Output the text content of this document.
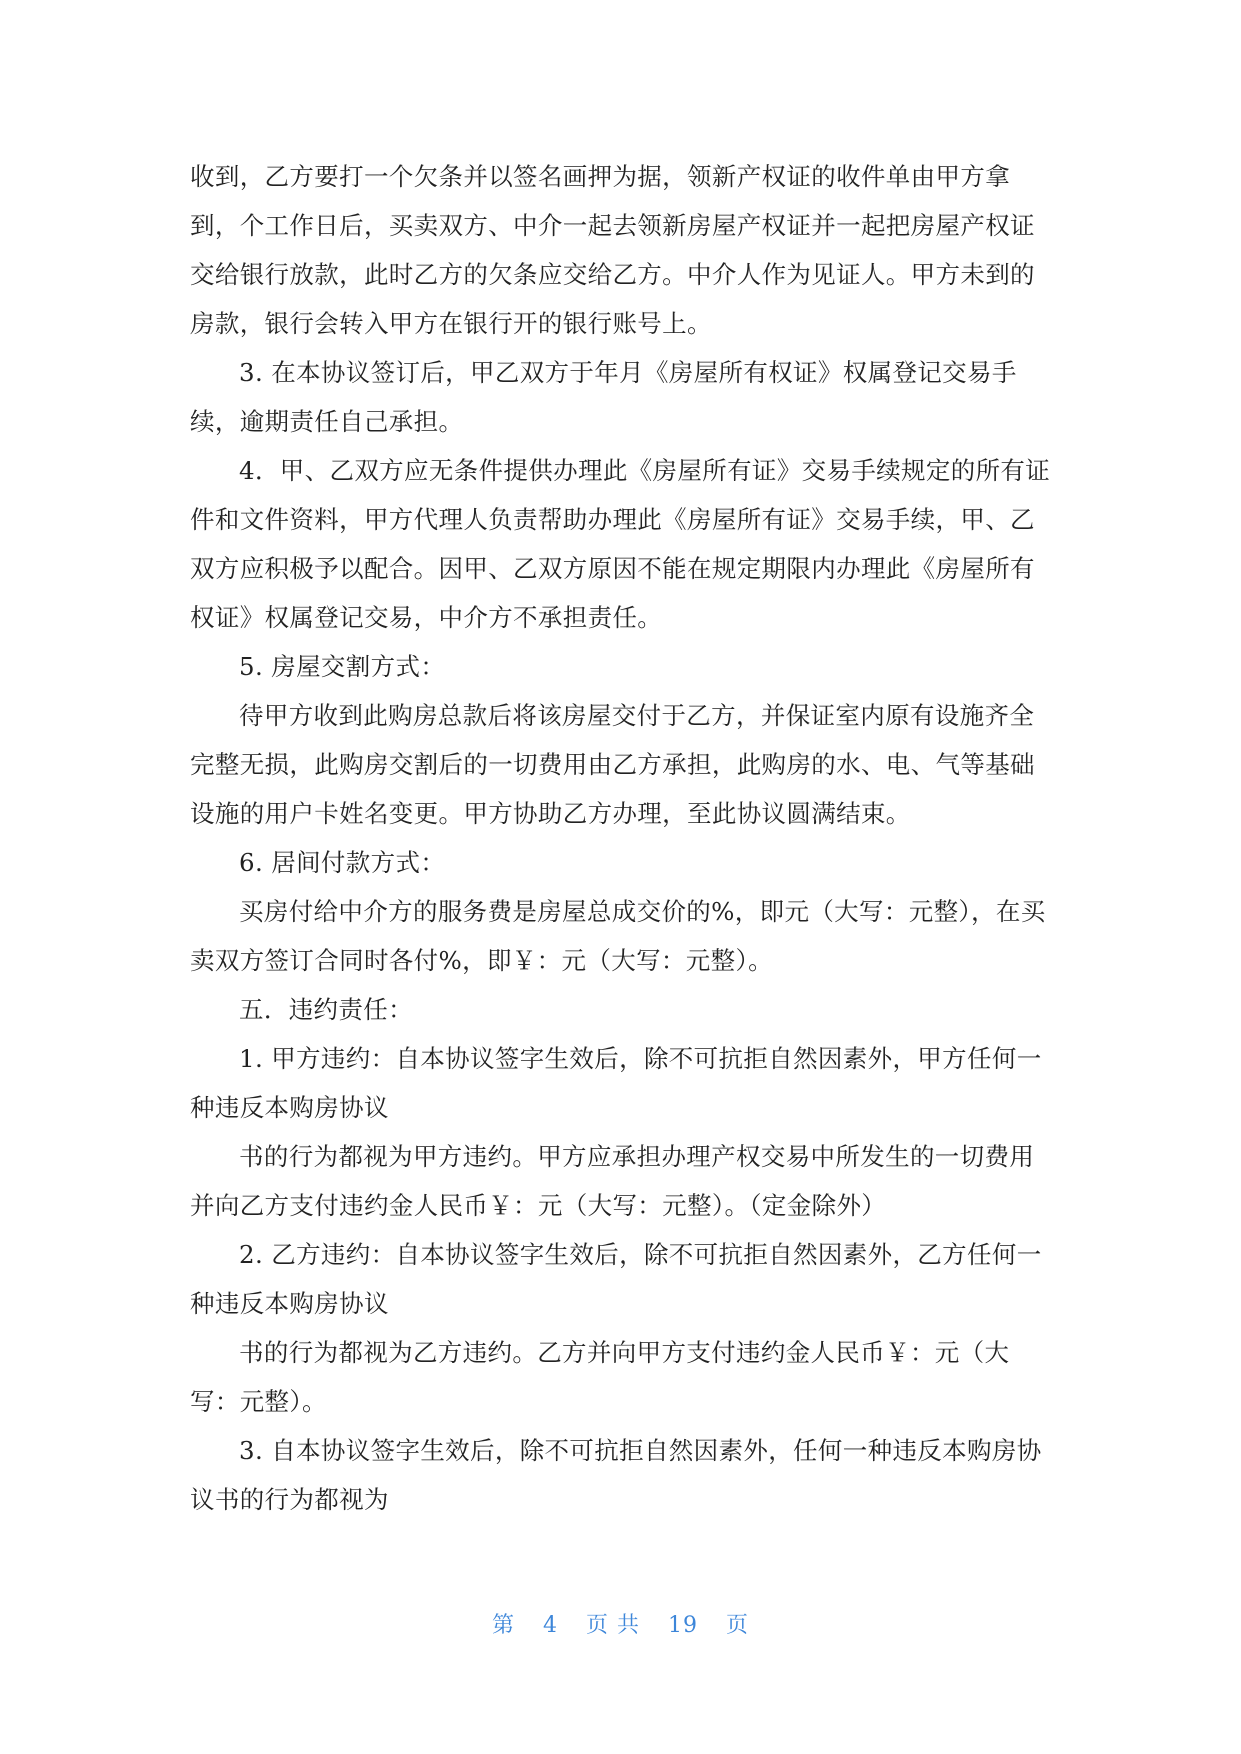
收到，乙方要打一个欠条并以签名画押为据，领新产权证的收件单由甲方拿
到，个工作日后，买卖双方、中介一起去领新房屋产权证并一起把房屋产权证
交给银行放款，此时乙方的欠条应交给乙方。中介人作为见证人。甲方未到的
房款，银行会转入甲方在银行开的银行账号上。
3. 在本协议签订后，甲乙双方于年月《房屋所有权证》权属登记交易手
续，逾期责任自己承担。
4．甲、乙双方应无条件提供办理此《房屋所有证》交易手续规定的所有证
件和文件资料，甲方代理人负责帮助办理此《房屋所有证》交易手续，甲、乙
双方应积极予以配合。因甲、乙双方原因不能在规定期限内办理此《房屋所有
权证》权属登记交易，中介方不承担责任。
5. 房屋交割方式：
待甲方收到此购房总款后将该房屋交付于乙方，并保证室内原有设施齐全
完整无损，此购房交割后的一切费用由乙方承担，此购房的水、电、气等基础
设施的用户卡姓名变更。甲方协助乙方办理，至此协议圆满结束。
6. 居间付款方式：
买房付给中介方的服务费是房屋总成交价的%，即元（大写：元整），在买
卖双方签订合同时各付%，即￥：元（大写：元整）。
五．违约责任：
1. 甲方违约：自本协议签字生效后，除不可抗拒自然因素外，甲方任何一
种违反本购房协议
书的行为都视为甲方违约。甲方应承担办理产权交易中所发生的一切费用
并向乙方支付违约金人民币￥：元（大写：元整）。（定金除外）
2. 乙方违约：自本协议签字生效后，除不可抗拒自然因素外，乙方任何一
种违反本购房协议
书的行为都视为乙方违约。乙方并向甲方支付违约金人民币￥：元（大
写：元整）。
3. 自本协议签字生效后，除不可抗拒自然因素外，任何一种违反本购房协
议书的行为都视为
第 4 页 共 19 页
